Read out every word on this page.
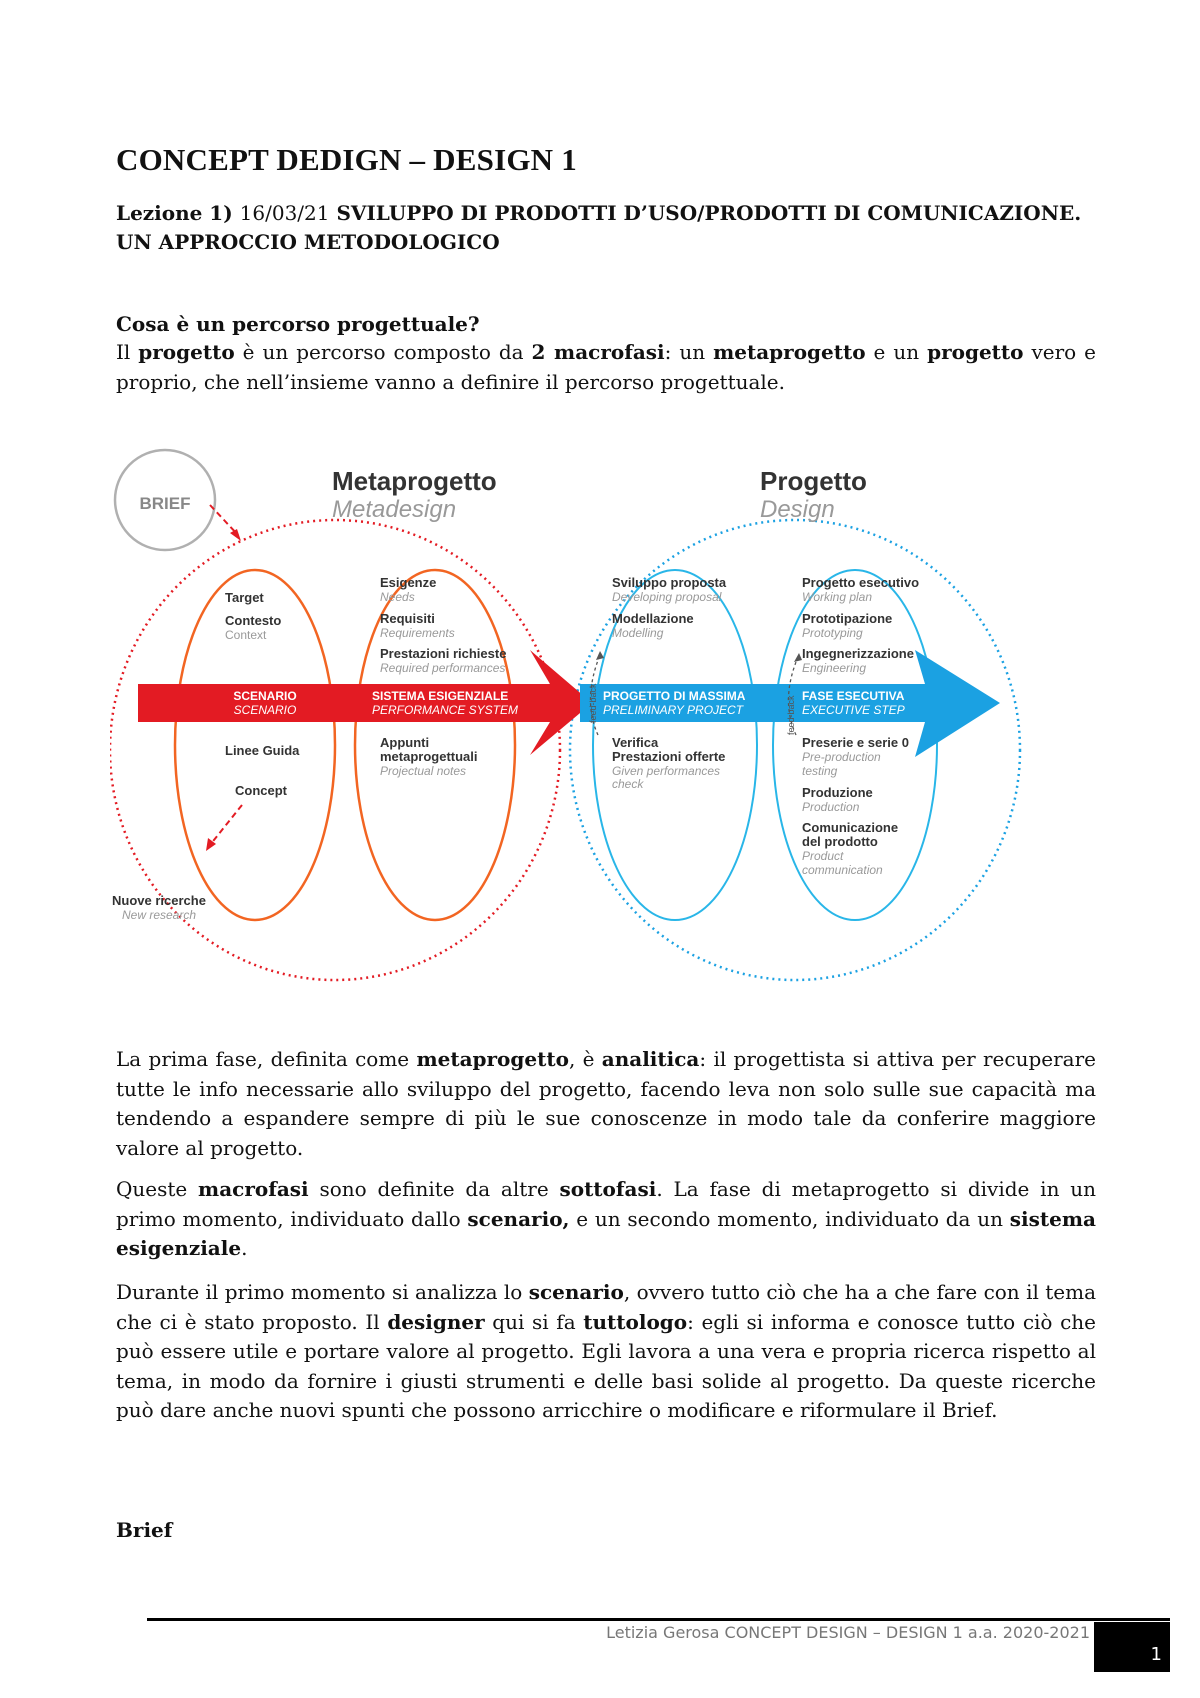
CONCEPT DEDIGN – DESIGN 1
Lezione 1) 16/03/21 SVILUPPO DI PRODOTTI D’USO/PRODOTTI DI COMUNICAZIONE. UN APPROCCIO METODOLOGICO
Cosa è un percorso progettuale?
Il progetto è un percorso composto da 2 macrofasi: un metaprogetto e un progetto vero e proprio, che nell’insieme vanno a definire il percorso progettuale.
BRIEF
Metaprogetto
Metadesign
Progetto
Design
SCENARIO
SCENARIO
SISTEMA ESIGENZIALE
PERFORMANCE SYSTEM
PROGETTO DI MASSIMA
PRELIMINARY PROJECT
FASE ESECUTIVA
EXECUTIVE STEP
Target
Contesto
Context
Linee Guida
Concept
Esigenze
Needs
Requisiti
Requirements
Prestazioni richieste
Required performances
Appunti
metaprogettuali
Projectual notes
Sviluppo proposta
Developing proposal
Modellazione
Modelling
Verifica
Prestazioni offerte
Given performances
check
Progetto esecutivo
Working plan
Prototipazione
Prototyping
Ingegnerizzazione
Engineering
Preserie e serie 0
Pre-production
testing
Produzione
Production
Comunicazione
del prodotto
Product
communication
feed-back	feed-back
Nuove ricerche
New research
La prima fase, definita come metaprogetto, è analitica: il progettista si attiva per recuperare tutte le info necessarie allo sviluppo del progetto, facendo leva non solo sulle sue capacità ma tendendo a espandere sempre di più le sue conoscenze in modo tale da conferire maggiore valore al progetto.
Queste macrofasi sono definite da altre sottofasi. La fase di metaprogetto si divide in un primo momento, individuato dallo scenario, e un secondo momento, individuato da un sistema esigenziale.
Durante il primo momento si analizza lo scenario, ovvero tutto ciò che ha a che fare con il tema che ci è stato proposto. Il designer qui si fa tuttologo: egli si informa e conosce tutto ciò che può essere utile e portare valore al progetto. Egli lavora a una vera e propria ricerca rispetto al tema, in modo da fornire i giusti strumenti e delle basi solide al progetto. Da queste ricerche può dare anche nuovi spunti che possono arricchire o modificare e riformulare il Brief.
Brief
Letizia Gerosa CONCEPT DESIGN – DESIGN 1 a.a. 2020-2021
1
